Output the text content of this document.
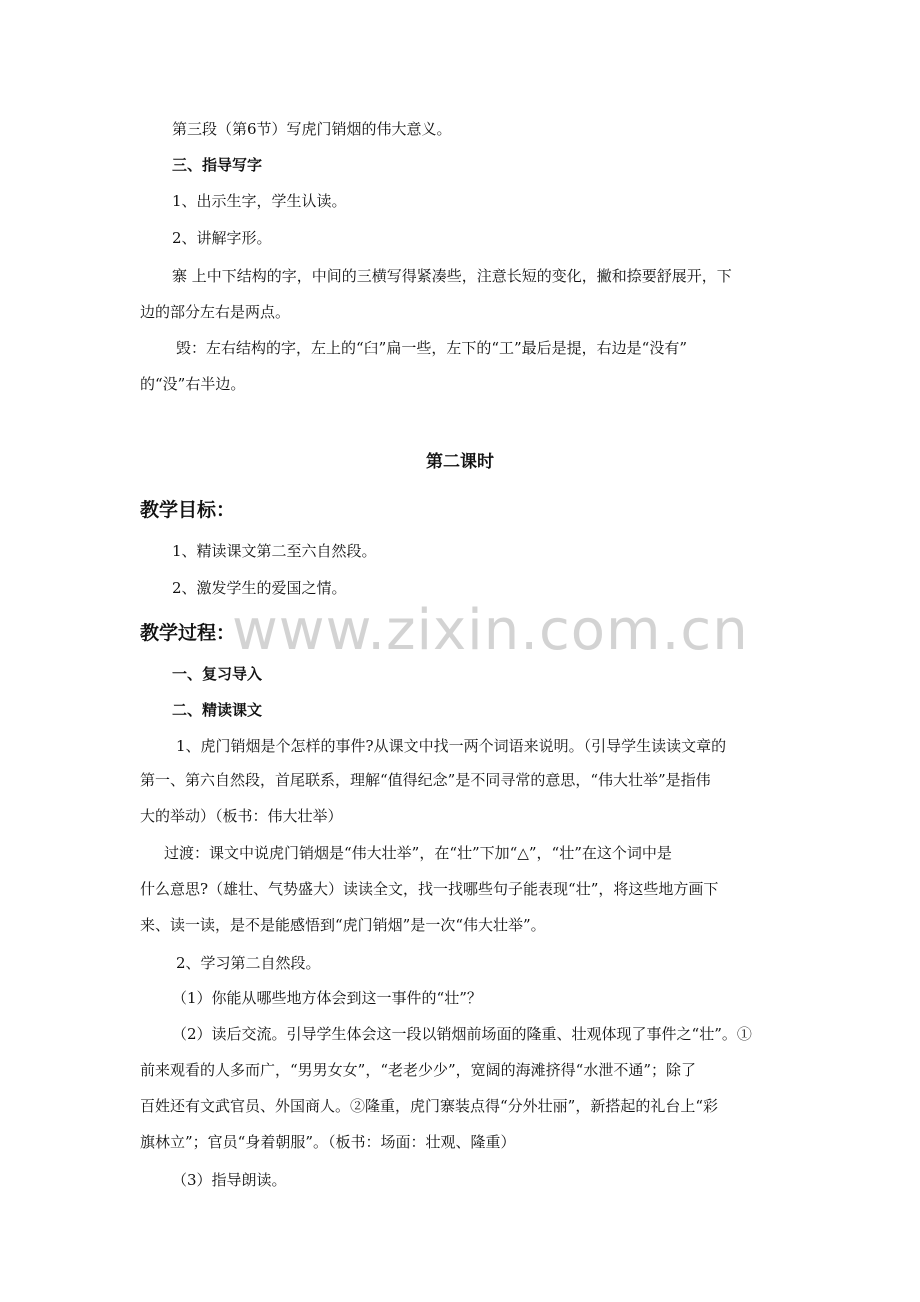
第三段（第6节）写虎门销烟的伟大意义。
三、指导写字
1、出示生字，学生认读。
2、讲解字形。
寨 上中下结构的字，中间的三横写得紧凑些，注意长短的变化，撇和捺要舒展开，下
边的部分左右是两点。
毁：左右结构的字，左上的“臼”扁一些，左下的“工”最后是提，右边是“没有”
的“没”右半边。
第二课时
教学目标：
1、精读课文第二至六自然段。
2、激发学生的爱国之情。
教学过程：
一、复习导入
二、精读课文
1、虎门销烟是个怎样的事件?从课文中找一两个词语来说明。（引导学生读读文章的
第一、第六自然段，首尾联系，理解“值得纪念”是不同寻常的意思，“伟大壮举”是指伟
大的举动）（板书：伟大壮举）
过渡：课文中说虎门销烟是“伟大壮举”，在“壮”下加“△”，“壮”在这个词中是
什么意思?（雄壮、气势盛大）读读全文，找一找哪些句子能表现“壮”，将这些地方画下
来、读一读，是不是能感悟到“虎门销烟”是一次“伟大壮举”。
2、学习第二自然段。
（1）你能从哪些地方体会到这一事件的“壮”？
（2）读后交流。引导学生体会这一段以销烟前场面的隆重、壮观体现了事件之“壮”。①
前来观看的人多而广，“男男女女”，“老老少少”，宽阔的海滩挤得“水泄不通”；除了
百姓还有文武官员、外国商人。②隆重，虎门寨装点得“分外壮丽”，新搭起的礼台上“彩
旗林立”；官员“身着朝服”。（板书：场面：壮观、隆重）
（3）指导朗读。
www.zixin.com.cn
